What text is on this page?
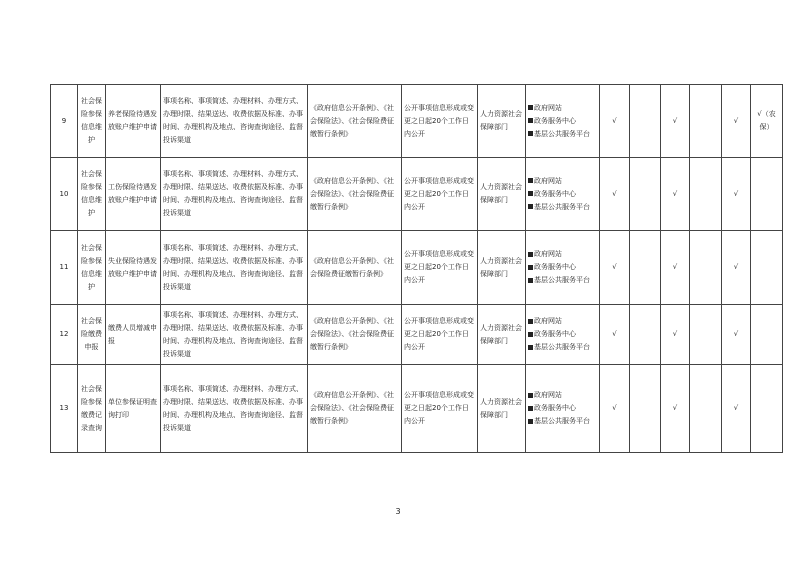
9	社会保险参保信息维护	养老保险待遇发放账户维护申请	事项名称、事项简述、办理材料、办理方式、办理时限、结果送达、收费依据及标准、办事时间、办理机构及地点、咨询查询途径、监督投诉渠道	《政府信息公开条例》、《社会保险法》、《社会保险费征缴暂行条例》	公开事项信息形成或变更之日起20个工作日内公开	人力资源社会保障部门	政府网站
政务服务中心
基层公共服务平台	√		√		√	√（农保）
10	社会保险参保信息维护	工伤保险待遇发放账户维护申请	事项名称、事项简述、办理材料、办理方式、办理时限、结果送达、收费依据及标准、办事时间、办理机构及地点、咨询查询途径、监督投诉渠道	《政府信息公开条例》、《社会保险法》、《社会保险费征缴暂行条例》	公开事项信息形成或变更之日起20个工作日内公开	人力资源社会保障部门	政府网站
政务服务中心
基层公共服务平台	√		√		√	
11	社会保险参保信息维护	失业保险待遇发放账户维护申请	事项名称、事项简述、办理材料、办理方式、办理时限、结果送达、收费依据及标准、办事时间、办理机构及地点、咨询查询途径、监督投诉渠道	《政府信息公开条例》、《社会保险费征缴暂行条例》	公开事项信息形成或变更之日起20个工作日内公开	人力资源社会保障部门	政府网站
政务服务中心
基层公共服务平台	√		√		√	
12	社会保险缴费申报	缴费人员增减申报	事项名称、事项简述、办理材料、办理方式、办理时限、结果送达、收费依据及标准、办事时间、办理机构及地点、咨询查询途径、监督投诉渠道	《政府信息公开条例》、《社会保险法》、《社会保险费征缴暂行条例》	公开事项信息形成或变更之日起20个工作日内公开	人力资源社会保障部门	政府网站
政务服务中心
基层公共服务平台	√		√		√	
13	社会保险参保缴费记录查询	单位参保证明查询打印	事项名称、事项简述、办理材料、办理方式、办理时限、结果送达、收费依据及标准、办事时间、办理机构及地点、咨询查询途径、监督投诉渠道	《政府信息公开条例》、《社会保险法》、《社会保险费征缴暂行条例》	公开事项信息形成或变更之日起20个工作日内公开	人力资源社会保障部门	政府网站
政务服务中心
基层公共服务平台	√		√		√	
3
